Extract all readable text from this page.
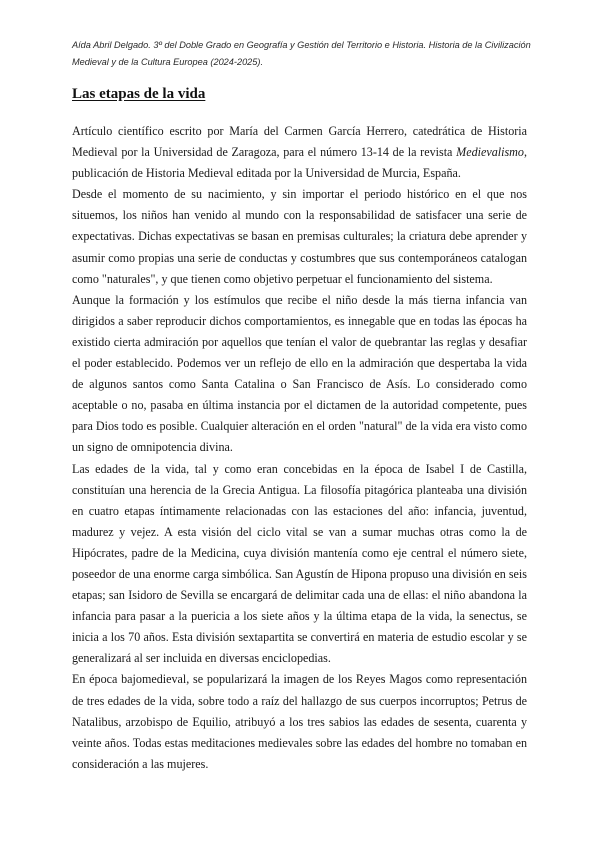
Aída Abril Delgado. 3º del Doble Grado en Geografía y Gestión del Territorio e Historia. Historia de la Civilización Medieval y de la Cultura Europea (2024-2025).
Las etapas de la vida

Artículo científico escrito por María del Carmen García Herrero, catedrática de Historia Medieval por la Universidad de Zaragoza, para el número 13-14 de la revista Medievalismo, publicación de Historia Medieval editada por la Universidad de Murcia, España.

Desde el momento de su nacimiento, y sin importar el periodo histórico en el que nos situemos, los niños han venido al mundo con la responsabilidad de satisfacer una serie de expectativas. Dichas expectativas se basan en premisas culturales; la criatura debe aprender y asumir como propias una serie de conductas y costumbres que sus contemporáneos catalogan como "naturales", y que tienen como objetivo perpetuar el funcionamiento del sistema.

Aunque la formación y los estímulos que recibe el niño desde la más tierna infancia van dirigidos a saber reproducir dichos comportamientos, es innegable que en todas las épocas ha existido cierta admiración por aquellos que tenían el valor de quebrantar las reglas y desafiar el poder establecido. Podemos ver un reflejo de ello en la admiración que despertaba la vida de algunos santos como Santa Catalina o San Francisco de Asís. Lo considerado como aceptable o no, pasaba en última instancia por el dictamen de la autoridad competente, pues para Dios todo es posible. Cualquier alteración en el orden "natural" de la vida era visto como un signo de omnipotencia divina.

Las edades de la vida, tal y como eran concebidas en la época de Isabel I de Castilla, constituían una herencia de la Grecia Antigua. La filosofía pitagórica planteaba una división en cuatro etapas íntimamente relacionadas con las estaciones del año: infancia, juventud, madurez y vejez. A esta visión del ciclo vital se van a sumar muchas otras como la de Hipócrates, padre de la Medicina, cuya división mantenía como eje central el número siete, poseedor de una enorme carga simbólica. San Agustín de Hipona propuso una división en seis etapas; san Isidoro de Sevilla se encargará de delimitar cada una de ellas: el niño abandona la infancia para pasar a la puericia a los siete años y la última etapa de la vida, la senectus, se inicia a los 70 años. Esta división sextapartita se convertirá en materia de estudio escolar y se generalizará al ser incluida en diversas enciclopedias.

En época bajomedieval, se popularizará la imagen de los Reyes Magos como representación de tres edades de la vida, sobre todo a raíz del hallazgo de sus cuerpos incorruptos; Petrus de Natalibus, arzobispo de Equilio, atribuyó a los tres sabios las edades de sesenta, cuarenta y veinte años. Todas estas meditaciones medievales sobre las edades del hombre no tomaban en consideración a las mujeres.
